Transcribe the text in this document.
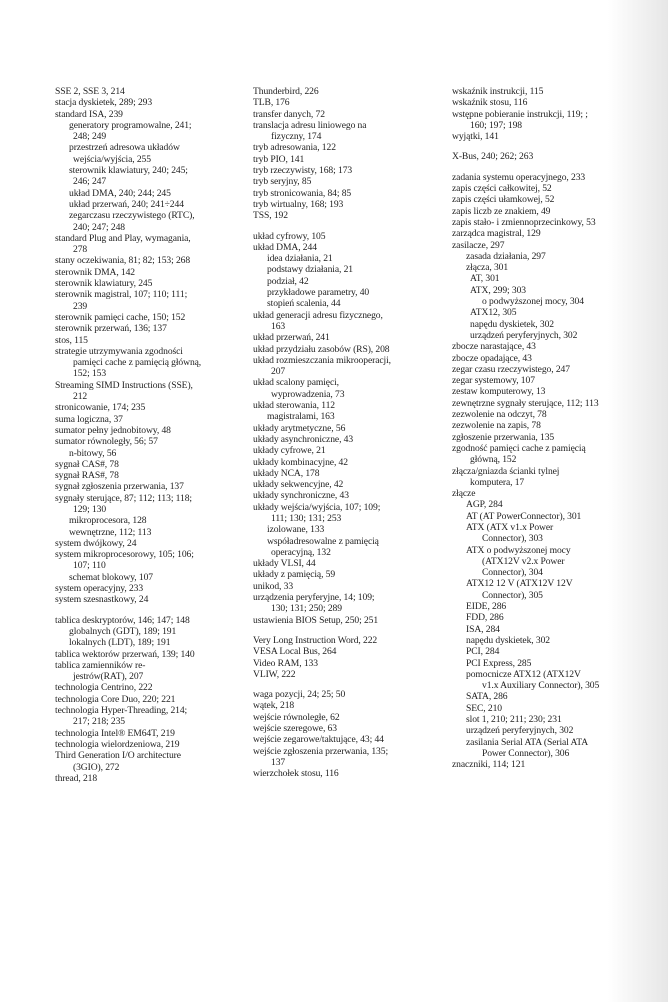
SSE 2, SSE 3, 214
stacja dyskietek, 289; 293
standard ISA, 239
generatory programowalne, 241;
248; 249
przestrzeń adresowa układów
wejścia/wyjścia, 255
sterownik klawiatury, 240; 245;
246; 247
układ DMA, 240; 244; 245
układ przerwań, 240; 241÷244
zegarczasu rzeczywistego (RTC),
240; 247; 248
standard Plug and Play, wymagania,
278
stany oczekiwania, 81; 82; 153; 268
sterownik DMA, 142
sterownik klawiatury, 245
sterownik magistral, 107; 110; 111;
239
sterownik pamięci cache, 150; 152
sterownik przerwań, 136; 137
stos, 115
strategie utrzymywania zgodności
pamięci cache z pamięcią główną,
152; 153
Streaming SIMD Instructions (SSE),
212
stronicowanie, 174; 235
suma logiczna, 37
sumator pełny jednobitowy, 48
sumator równoległy, 56; 57
n-bitowy, 56
sygnał CAS#, 78
sygnał RAS#, 78
sygnał zgłoszenia przerwania, 137
sygnały sterujące, 87; 112; 113; 118;
129; 130
mikroprocesora, 128
wewnętrzne, 112; 113
system dwójkowy, 24
system mikroprocesorowy, 105; 106;
107; 110
schemat blokowy, 107
system operacyjny, 233
system szesnastkowy, 24
tablica deskryptorów, 146; 147; 148
globalnych (GDT), 189; 191
lokalnych (LDT), 189; 191
tablica wektorów przerwań, 139; 140
tablica zamienników re-
jestrów(RAT), 207
technologia Centrino, 222
technologia Core Duo, 220; 221
technologia Hyper-Threading, 214;
217; 218; 235
technologia Intel® EM64T, 219
technologia wielordzeniowa, 219
Third Generation I/O architecture
(3GIO), 272
thread, 218
Thunderbird, 226
TLB, 176
transfer danych, 72
translacja adresu liniowego na
fizyczny, 174
tryb adresowania, 122
tryb PIO, 141
tryb rzeczywisty, 168; 173
tryb seryjny, 85
tryb stronicowania, 84; 85
tryb wirtualny, 168; 193
TSS, 192
układ cyfrowy, 105
układ DMA, 244
idea działania, 21
podstawy działania, 21
podział, 42
przykładowe parametry, 40
stopień scalenia, 44
układ generacji adresu fizycznego,
163
układ przerwań, 241
układ przydziału zasobów (RS), 208
układ rozmieszczania mikrooperacji,
207
układ scalony pamięci,
wyprowadzenia, 73
układ sterowania, 112
magistralami, 163
układy arytmetyczne, 56
układy asynchroniczne, 43
układy cyfrowe, 21
układy kombinacyjne, 42
układy NCA, 178
układy sekwencyjne, 42
układy synchroniczne, 43
układy wejścia/wyjścia, 107; 109;
111; 130; 131; 253
izolowane, 133
współadresowalne z pamięcią
operacyjną, 132
układy VLSI, 44
układy z pamięcią, 59
unikod, 33
urządzenia peryferyjne, 14; 109;
130; 131; 250; 289
ustawienia BIOS Setup, 250; 251
Very Long Instruction Word, 222
VESA Local Bus, 264
Video RAM, 133
VLIW, 222
waga pozycji, 24; 25; 50
wątek, 218
wejście równoległe, 62
wejście szeregowe, 63
wejście zegarowe/taktujące, 43; 44
wejście zgłoszenia przerwania, 135;
137
wierzchołek stosu, 116
wskaźnik instrukcji, 115
wskaźnik stosu, 116
wstępne pobieranie instrukcji, 119; ;
160; 197; 198
wyjątki, 141
X-Bus, 240; 262; 263
zadania systemu operacyjnego, 233
zapis części całkowitej, 52
zapis części ułamkowej, 52
zapis liczb ze znakiem, 49
zapis stało- i zmiennoprzecinkowy, 53
zarządca magistral, 129
zasilacze, 297
zasada działania, 297
złącza, 301
AT, 301
ATX, 299; 303
o podwyższonej mocy, 304
ATX12, 305
napędu dyskietek, 302
urządzeń peryferyjnych, 302
zbocze narastające, 43
zbocze opadające, 43
zegar czasu rzeczywistego, 247
zegar systemowy, 107
zestaw komputerowy, 13
zewnętrzne sygnały sterujące, 112; 113
zezwolenie na odczyt, 78
zezwolenie na zapis, 78
zgłoszenie przerwania, 135
zgodność pamięci cache z pamięcią
główną, 152
złącza/gniazda ścianki tylnej
komputera, 17
złącze
AGP, 284
AT (AT PowerConnector), 301
ATX (ATX v1.x Power
Connector), 303
ATX o podwyższonej mocy
(ATX12V v2.x Power
Connector), 304
ATX12 12 V (ATX12V 12V
Connector), 305
EIDE, 286
FDD, 286
ISA, 284
napędu dyskietek, 302
PCI, 284
PCI Express, 285
pomocnicze ATX12 (ATX12V
v1.x Auxiliary Connector), 305
SATA, 286
SEC, 210
slot 1, 210; 211; 230; 231
urządzeń peryferyjnych, 302
zasilania Serial ATA (Serial ATA
Power Connector), 306
znaczniki, 114; 121
